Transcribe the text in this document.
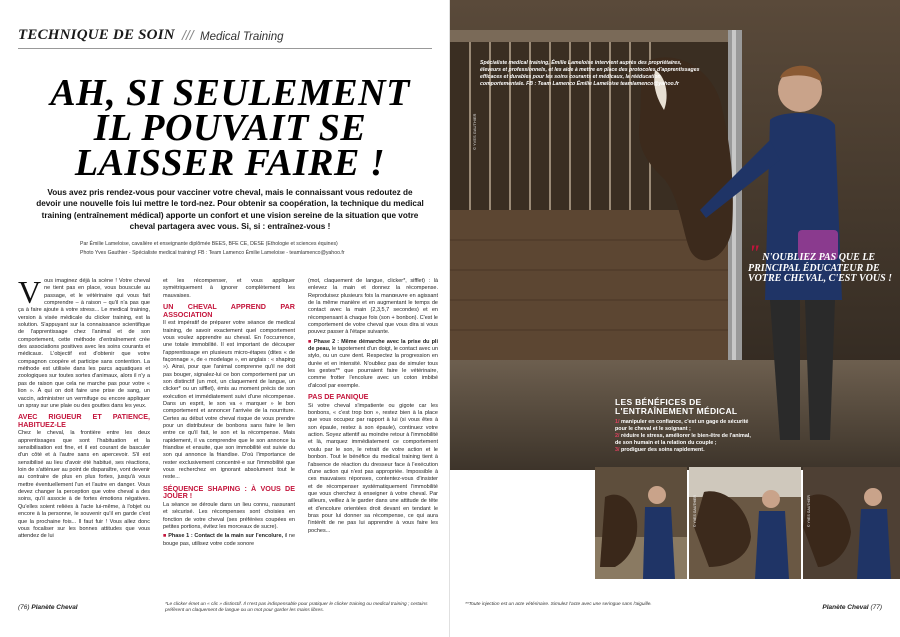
TECHNIQUE DE SOIN /// Medical Training
AH, SI SEULEMENT IL POUVAIT SE LAISSER FAIRE !

Vous avez pris rendez-vous pour vacciner votre cheval, mais le connaissant vous redoutez de devoir une nouvelle fois lui mettre le tord-nez. Pour obtenir sa coopération, la technique du medical training (entraînement médical) apporte un confort et une vision sereine de la situation que votre cheval partagera avec vous. Si, si : entraînez-vous !

Par Émilie Lameloise, cavalière et enseignante diplômée BEES, BFE CE, DESE (Ethologie et sciences équines)
Photo Yves Gauthier - Spécialiste medical training! FB : Team Lamenco Émilie Lameloise - teamlamenco@yahoo.fr

Vous imaginez déjà la scène ! Votre cheval ne tient pas en place, vous bouscule au passage, et le vétérinaire qui vous fait comprendre – à raison – qu'il n'a pas que ça à faire ajoute à votre stress... Le medical training, version à visée médicale du clicker training, est la solution. S'appuyant sur la connaissance scientifique de l'apprentissage chez l'animal et de son comportement, cette méthode d'entraînement crée des associations positives avec les soins courants et médicaux. L'objectif est d'obtenir que votre compagnon coopère et participe sans contention. La méthode est utilisée dans les parcs aquatiques et zoologiques sur toutes sortes d'animaux, alors il n'y a pas de raison que cela ne marche pas pour votre « lion ». À qui on doit faire une prise de sang, un vaccin, administrer un vermifuge ou encore appliquer un spray sur une plaie ou des gouttes dans les yeux.

AVEC RIGUEUR ET PATIENCE, HABITUEZ-LE

Chez le cheval, la frontière entre les deux apprentissages que sont l'habituation et la sensibilisation est fine, et il est courant de basculer d'un côté et à l'autre sans en apercevoir. S'il est sensibilisé au lieu d'avoir été habitué, ses réactions, loin de s'atténuer au point de disparaître, vont devenir au contraire de plus en plus fortes, jusqu'à vous mettre éventuellement l'un et l'autre en danger. Vous devez changer la perception que votre cheval a des soins, qu'il associe à de fortes émotions négatives. Qu'elles soient reliées à l'acte lui-même, à l'objet ou encore à la personne, le souvenir qu'il en garde c'est que la prochaine fois... Il faut fuir ! Vous allez donc vous focaliser sur les bonnes attitudes que vous attendez de lui

et les récompenser, et vous appliquer symétriquement à ignorer complètement les mauvaises.

UN CHEVAL APPREND PAR ASSOCIATION

Il est impératif de préparer votre séance de medical training, de savoir exactement quel comportement vous voulez apprendre au cheval. En l'occurrence, une totale immobilité. Il est important de découper l'apprentissage en plusieurs micro-étapes (dites « de façonnage », de « modelage », en anglais : « shaping »). Ainsi, pour que l'animal comprenne qu'il ne doit pas bouger, signalez-lui ce bon comportement par un son distinctif (un mot, un claquement de langue, un clicker* ou un sifflet), émis au moment précis de son exécution et immédiatement suivi d'une récompense. Dans un esprit, le son va « marquer » le bon comportement et annoncer l'arrivée de la nourriture. Certes au début votre cheval risque de vous prendre pour un distributeur de bonbons sans faire le lien entre ce qu'il fait, le son et la récompense. Mais rapidement, il va comprendre que le son annonce la friandise et ensuite, que son immobilité est suivie du son qui annonce la friandise. D'où l'importance de rester exclusivement concentré·e sur l'immobilité que vous recherchez en ignorant absolument tout le reste...

SÉQUENCE SHAPING : À VOUS DE JOUER !

La séance se déroule dans un lieu connu, rassurant et sécurisé. Les récompenses sont choisies en fonction de votre cheval (ses préférées coupées en petites portions, évitez les morceaux de sucre).

■ Phase 1 : Contact de la main sur l'encolure, il ne bouge pas, utilisez votre code sonore

(mot, claquement de langue, clicker*, sifflet) : là enlevez la main et donnez la récompense. Reproduisez plusieurs fois la manœuvre en agissant de la même manière et en augmentant le temps de contact avec la main (2,3,5,7 secondes) et en récompensant à chaque fois (son + bonbon). C'est le comportement de votre cheval que vous dira si vous pouvez passer à l'étape suivante.

■ Phase 2 : Même démarche avec la prise du pli de peau, le tapotement d'un doigt, le contact avec un stylo, ou un cure dent. Respectez la progression en durée et en intensité. N'oubliez pas de simuler tous les gestes** que pourraient faire le vétérinaire, comme frotter l'encolure avec un coton imbibé d'alcool par exemple.

PAS DE PANIQUE

Si votre cheval s'impatiente ou gigote car les bonbons, « c'est trop bon », restez bien à la place que vous occupez par rapport à lui (si vous êtes à son épaule, restez à son épaule), continuez votre action. Soyez attentif au moindre retour à l'immobilité et là, marquez immédiatement ce comportement voulu par le son, le retrait de votre action et le bonbon. Tout le bénéfice du medical training tient à l'absence de réaction du dresseur face à l'exécution d'une action qui n'est pas appropriée. Impossible à ces mauvaises réponses, contentez-vous d'insister et de récompenser systématiquement l'immobilité que vous cherchez à enseigner à votre cheval. Par ailleurs, veillez à le garder dans une attitude de tête et d'encolure orientées droit devant en tendant le bras pour lui donner sa récompense, ce qui aura l'intérêt de ne pas lui apprendre à vous faire les poches...

(76) Planète Cheval	*Le clicker émet un « clic » distinctif. Il n'est pas indispensable pour pratiquer le clicker training ou medical training ; certains préfèrent un claquement de langue ou un mot pour garder les mains libres.
Spécialiste medical training, Émilie Lameloise intervient auprès des propriétaires, éleveurs et professionnels, et les aide à mettre en place des protocoles d'apprentissages efficaces et durables pour les soins courants et médicaux, la rééducation comportementale. FB : Team Lamenco Émilie Lameloise teamlamenco@yahoo.fr
© YVES GAUTHIER
" N'OUBLIEZ PAS QUE LE PRINCIPAL ÉDUCATEUR DE VOTRE CHEVAL, C'EST VOUS !
LES BÉNÉFICES DE L'ENTRAÎNEMENT MÉDICAL
1/ manipuler en confiance, c'est un gage de sécurité pour le cheval et le soignant ;
2/ réduire le stress, améliorer le bien-être de l'animal, de son humain et la relation du couple ;
3/ prodiguer des soins rapidement.
© YVES GAUTHIER	© YVES GAUTHIER
**Toute injection est un acte vétérinaire. Simulez l'acte avec une seringue sans l'aiguille.	Planète Cheval (77)
